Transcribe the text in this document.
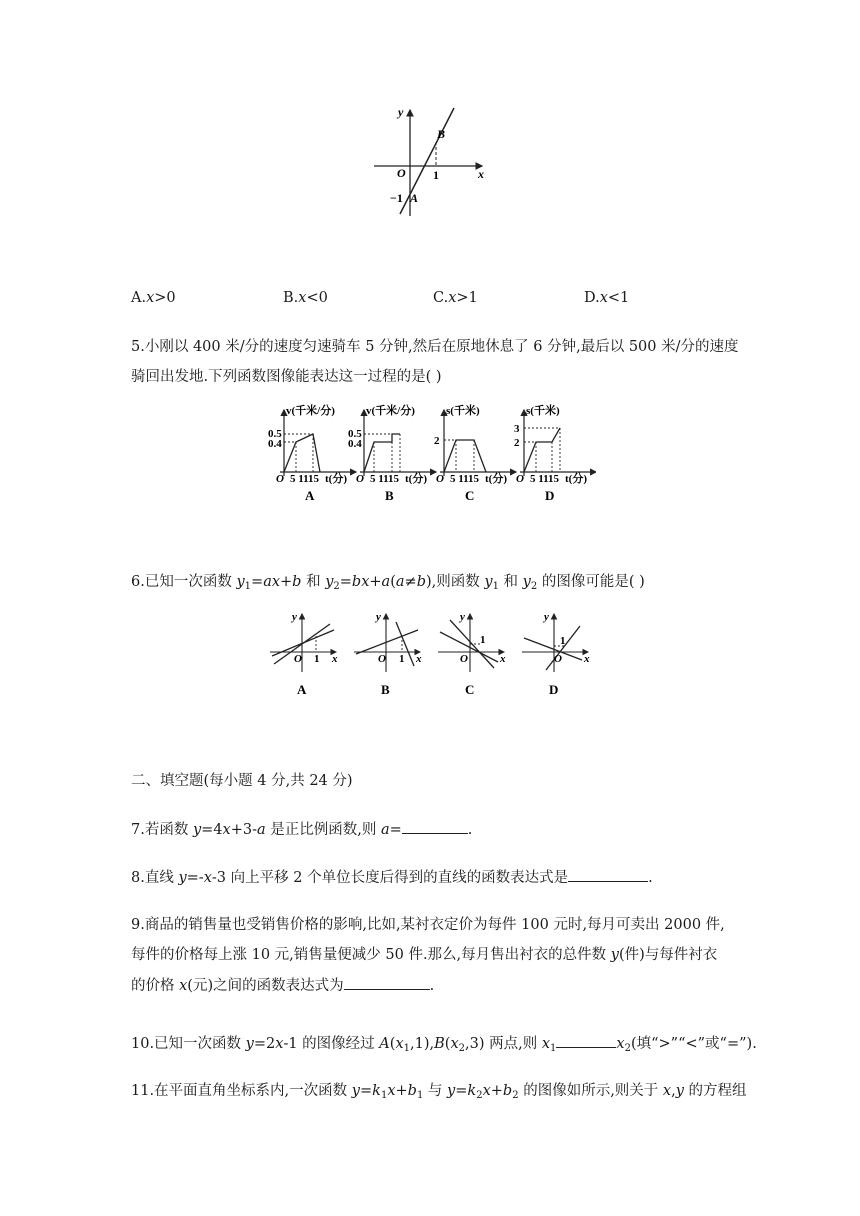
y
x
O 1
−1 A
B
A.x>0	B.x<0	C.x>1	D.x<1
5.小刚以 400 米/分的速度匀速骑车 5 分钟,然后在原地休息了 6 分钟,最后以 500 米/分的速度
骑回出发地.下列函数图像能表达这一过程的是( )
v(千米/分)
0.5
0.4
O 5 1115 t(分)
A
v(千米/分)
0.5
0.4
O 5 1115 t(分)
B
s(千米)
2
O 5 1115 t(分)
C
s(千米)
3
2
O 5 1115 t(分)
D
6.已知一次函数 $y_1=ax+b$ 和 $y_2=bx+a(a\ne b)$,则函数 $y_1$ 和 $y_2$ 的图像可能是( )
y
x
O 1
A
y
x
O 1
B
y
x
O
1
C
y
x
O
1
D
二、填空题(每小题 4 分,共 24 分)
7.若函数 y=4x+3-a 是正比例函数,则 a=	.
8.直线 y=-x-3 向上平移 2 个单位长度后得到的直线的函数表达式是	.
9.商品的销售量也受销售价格的影响,比如,某衬衣定价为每件 100 元时,每月可卖出 2000 件,
每件的价格每上涨 10 元,销售量便减少 50 件.那么,每月售出衬衣的总件数 y(件)与每件衬衣
的价格 x(元)之间的函数表达式为	.
10.已知一次函数 y=2x-1 的图像经过 $A(x_1,1),B(x_2,3)$ 两点,则 $x_1$	$x_2$(填“>”“<”或“=”).
11.在平面直角坐标系内,一次函数 $y=k_1x+b_1$ 与 $y=k_2x+b_2$ 的图像如所示,则关于 x,y 的方程组
